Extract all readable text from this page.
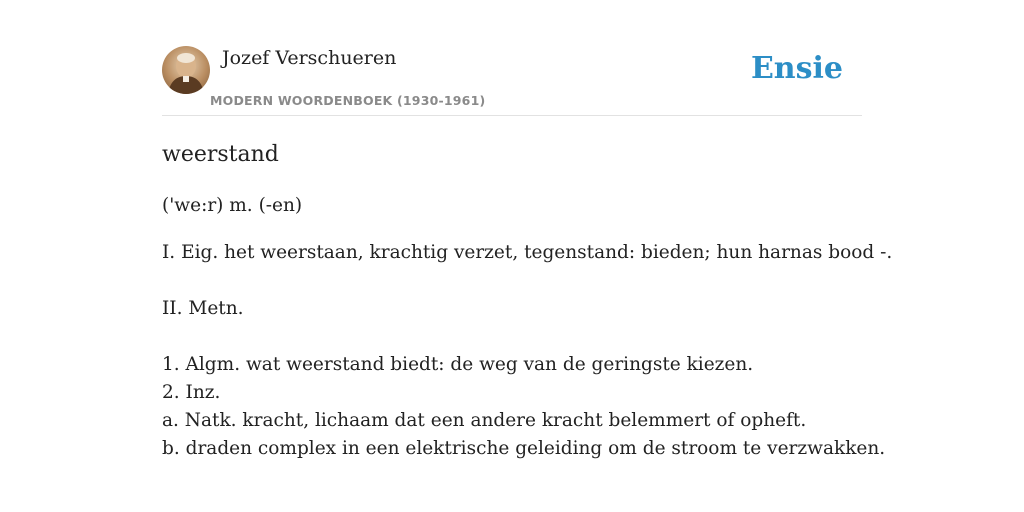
Jozef Verschueren
MODERN WOORDENBOEK (1930-1961)
Ensie
weerstand
('we:r) m. (-en)
I. Eig. het weerstaan, krachtig verzet, tegenstand: bieden; hun harnas bood -.
II. Metn.
1. Algm. wat weerstand biedt: de weg van de geringste kiezen.
2. Inz.
a. Natk. kracht, lichaam dat een andere kracht belemmert of opheft.
b. draden complex in een elektrische geleiding om de stroom te verzwakken.
